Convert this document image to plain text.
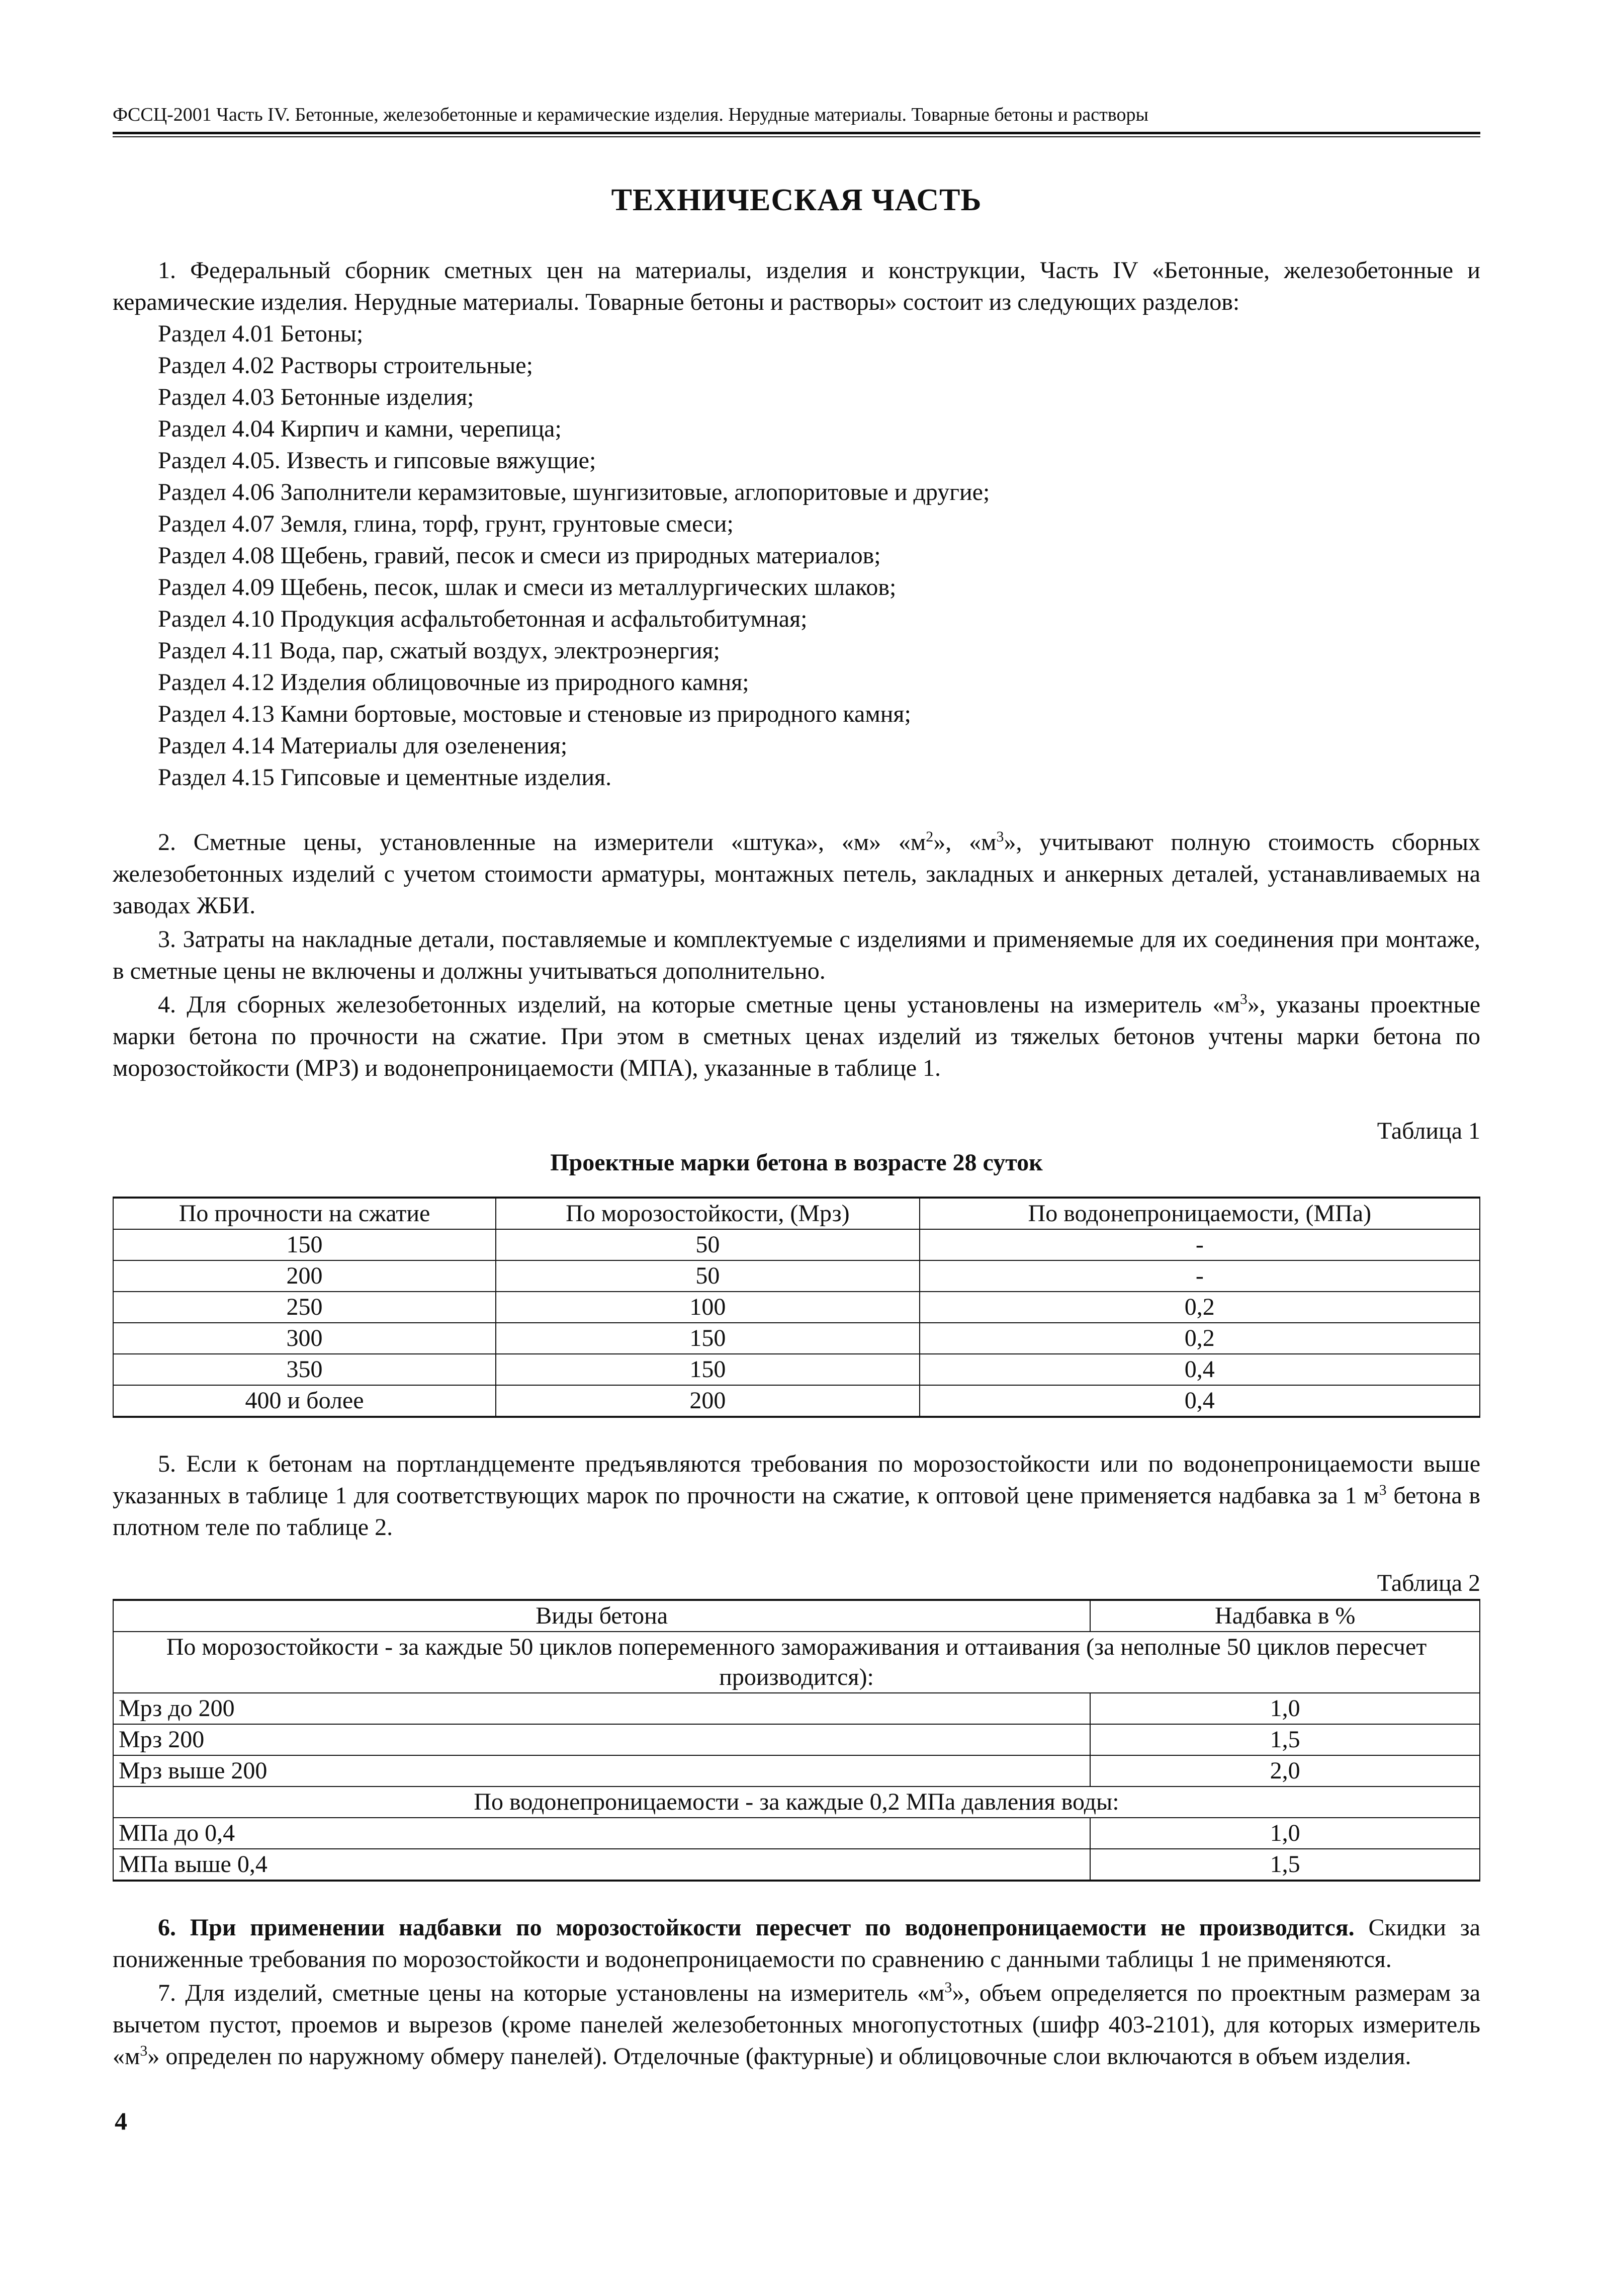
ФССЦ-2001 Часть IV. Бетонные, железобетонные и керамические изделия. Нерудные материалы. Товарные бетоны и растворы
ТЕХНИЧЕСКАЯ ЧАСТЬ

1. Федеральный сборник сметных цен на материалы, изделия и конструкции, Часть IV «Бетонные, железобетонные и керамические изделия. Нерудные материалы. Товарные бетоны и растворы» состоит из следующих разделов:

Раздел 4.01 Бетоны;
Раздел 4.02 Растворы строительные;
Раздел 4.03 Бетонные изделия;
Раздел 4.04 Кирпич и камни, черепица;
Раздел 4.05. Известь и гипсовые вяжущие;
Раздел 4.06 Заполнители керамзитовые, шунгизитовые, аглопоритовые и другие;
Раздел 4.07 Земля, глина, торф, грунт, грунтовые смеси;
Раздел 4.08 Щебень, гравий, песок и смеси из природных материалов;
Раздел 4.09 Щебень, песок, шлак и смеси из металлургических шлаков;
Раздел 4.10 Продукция асфальтобетонная и асфальтобитумная;
Раздел 4.11 Вода, пар, сжатый воздух, электроэнергия;
Раздел 4.12 Изделия облицовочные из природного камня;
Раздел 4.13 Камни бортовые, мостовые и стеновые из природного камня;
Раздел 4.14 Материалы для озеленения;
Раздел 4.15 Гипсовые и цементные изделия.

2. Сметные цены, установленные на измерители «штука», «м» «$м^2$», «$м^3$», учитывают полную стоимость сборных железобетонных изделий с учетом стоимости арматуры, монтажных петель, закладных и анкерных деталей, устанавливаемых на заводах ЖБИ.

3. Затраты на накладные детали, поставляемые и комплектуемые с изделиями и применяемые для их соединения при монтаже, в сметные цены не включены и должны учитываться дополнительно.

4. Для сборных железобетонных изделий, на которые сметные цены установлены на измеритель «$м^3$», указаны проектные марки бетона по прочности на сжатие. При этом в сметных ценах изделий из тяжелых бетонов учтены марки бетона по морозостойкости (МРЗ) и водонепроницаемости (МПА), указанные в таблице 1.

Таблица 1
Проектные марки бетона в возрасте 28 суток
По прочности на сжатие	По морозостойкости, (Мрз)	По водонепроницаемости, (МПа)
150	50	-
200	50	-
250	100	0,2
300	150	0,2
350	150	0,4
400 и более	200	0,4

5. Если к бетонам на портландцементе предъявляются требования по морозостойкости или по водонепроницаемости выше указанных в таблице 1 для соответствующих марок по прочности на сжатие, к оптовой цене применяется надбавка за 1 $м^3$ бетона в плотном теле по таблице 2.

Таблица 2
Виды бетона	Надбавка в %
По морозостойкости - за каждые 50 циклов попеременного замораживания и оттаивания (за неполные 50 циклов пересчет производится):	
Мрз до 200	1,0
Мрз 200	1,5
Мрз выше 200	2,0
По водонепроницаемости - за каждые 0,2 МПа давления воды:	
МПа до 0,4	1,0
МПа выше 0,4	1,5

6. При применении надбавки по морозостойкости пересчет по водонепроницаемости не производится. Скидки за пониженные требования по морозостойкости и водонепроницаемости по сравнению с данными таблицы 1 не применяются.

7. Для изделий, сметные цены на которые установлены на измеритель «$м^3$», объем определяется по проектным размерам за вычетом пустот, проемов и вырезов (кроме панелей железобетонных многопустотных (шифр 403-2101), для которых измеритель «$м^3$» определен по наружному обмеру панелей). Отделочные (фактурные) и облицовочные слои включаются в объем изделия.

4
